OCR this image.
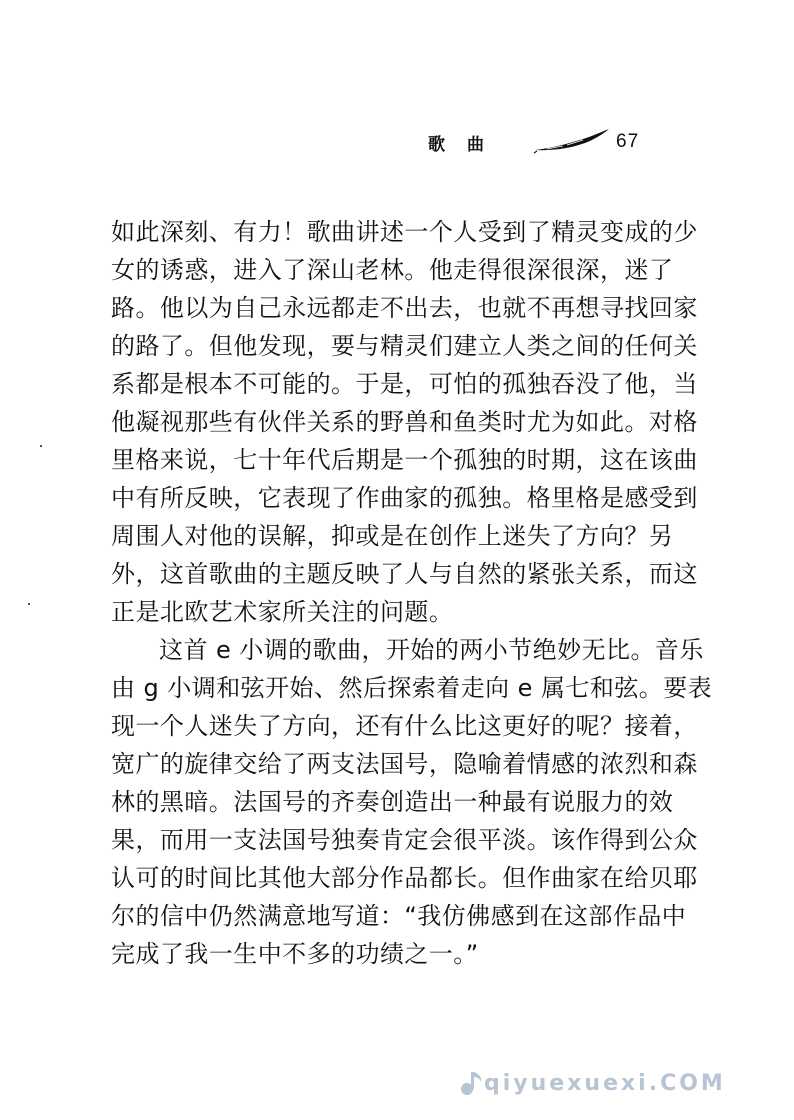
歌曲	67
如此深刻、有力！歌曲讲述一个人受到了精灵变成的少
女的诱惑，进入了深山老林。他走得很深很深，迷了
路。他以为自己永远都走不出去，也就不再想寻找回家
的路了。但他发现，要与精灵们建立人类之间的任何关
系都是根本不可能的。于是，可怕的孤独吞没了他，当
他凝视那些有伙伴关系的野兽和鱼类时尤为如此。对格
里格来说，七十年代后期是一个孤独的时期，这在该曲
中有所反映，它表现了作曲家的孤独。格里格是感受到
周围人对他的误解，抑或是在创作上迷失了方向？另
外，这首歌曲的主题反映了人与自然的紧张关系，而这
正是北欧艺术家所关注的问题。
这首 e 小调的歌曲，开始的两小节绝妙无比。音乐
由 g 小调和弦开始、然后探索着走向 e 属七和弦。要表
现一个人迷失了方向，还有什么比这更好的呢？接着，
宽广的旋律交给了两支法国号，隐喻着情感的浓烈和森
林的黑暗。法国号的齐奏创造出一种最有说服力的效
果，而用一支法国号独奏肯定会很平淡。该作得到公众
认可的时间比其他大部分作品都长。但作曲家在给贝耶
尔的信中仍然满意地写道：“我仿佛感到在这部作品中
完成了我一生中不多的功绩之一。”
qiyuexuexi.COM
